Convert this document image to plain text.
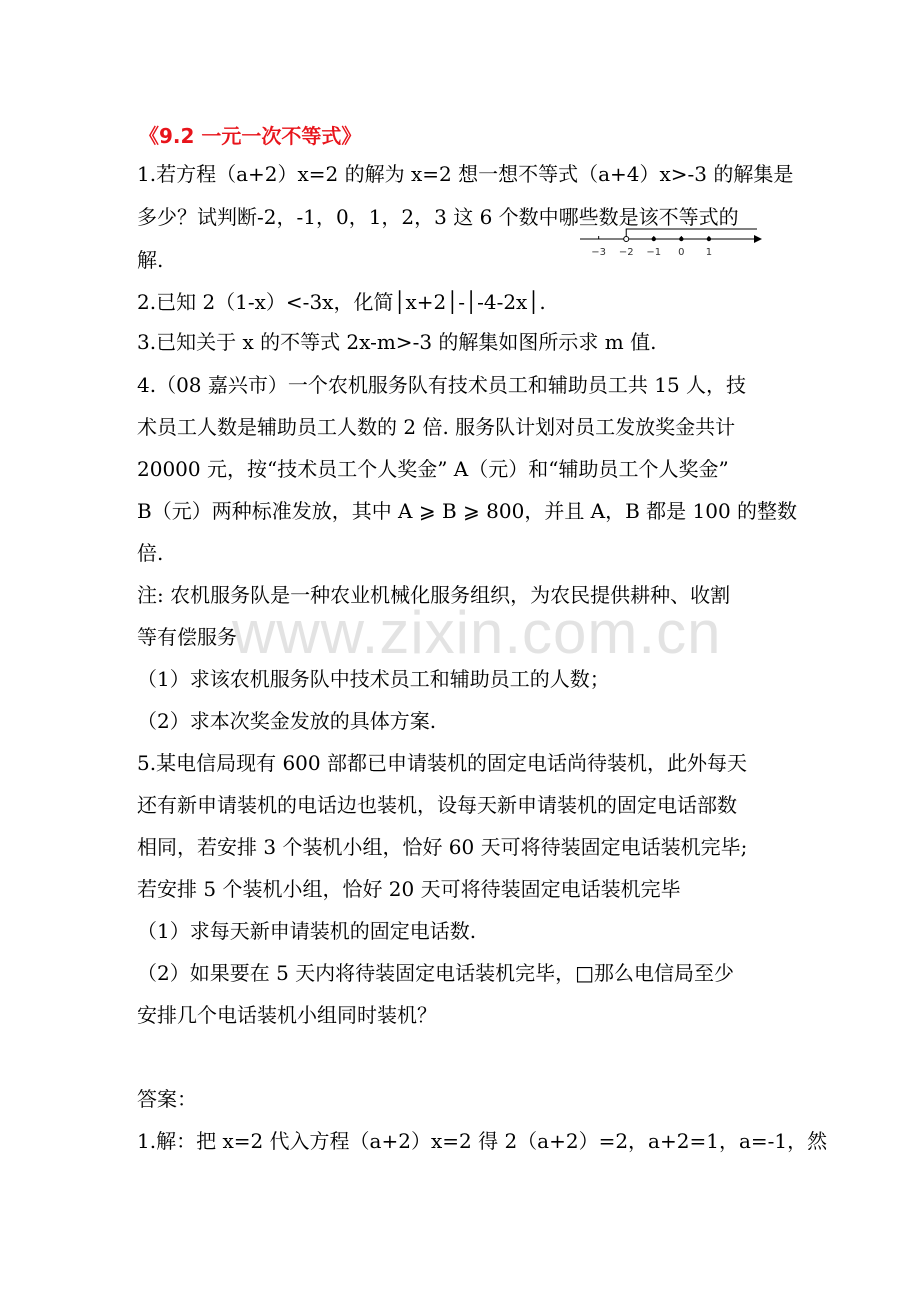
《9.2 一元一次不等式》
1.若方程（a+2）x=2 的解为 x=2 想一想不等式（a+4）x>-3 的解集是
多少？试判断-2，-1，0，1，2，3 这 6 个数中哪些数是该不等式的
解.
2.已知 2（1-x）<-3x，化简│x+2│-│-4-2x│.
3.已知关于 x 的不等式 2x-m>-3 的解集如图所示求 m 值.
4.（08 嘉兴市）一个农机服务队有技术员工和辅助员工共 15 人，技
术员工人数是辅助员工人数的 2 倍. 服务队计划对员工发放奖金共计
20000 元，按“技术员工个人奖金” A（元）和“辅助员工个人奖金”
B（元）两种标准发放，其中 A ⩾ B ⩾ 800，并且 A，B 都是 100 的整数
倍.
注: 农机服务队是一种农业机械化服务组织，为农民提供耕种、收割
等有偿服务.
（1）求该农机服务队中技术员工和辅助员工的人数；
（2）求本次奖金发放的具体方案.
5.某电信局现有 600 部都已申请装机的固定电话尚待装机，此外每天
还有新申请装机的电话边也装机，设每天新申请装机的固定电话部数
相同，若安排 3 个装机小组，恰好 60 天可将待装固定电话装机完毕;
若安排 5 个装机小组，恰好 20 天可将待装固定电话装机完毕
（1）求每天新申请装机的固定电话数.
（2）如果要在 5 天内将待装固定电话装机完毕，□那么电信局至少
安排几个电话装机小组同时装机？
答案：
1.解：把 x=2 代入方程（a+2）x=2 得 2（a+2）=2，a+2=1，a=-1，然
www.zixin.com.cn
−3 −2 −1 0 1
